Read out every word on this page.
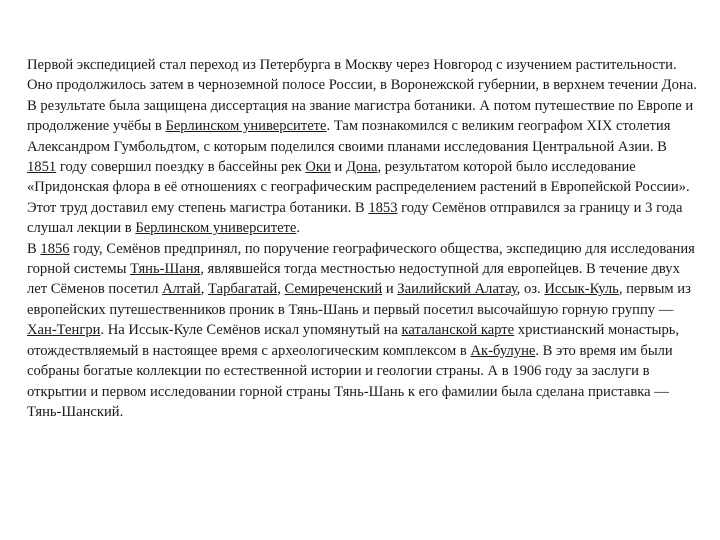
Первой экспедицией стал переход из Петербурга в Москву через Новгород с изучением растительности. Оно продолжилось затем в черноземной полосе России, в Воронежской губернии, в верхнем течении Дона. В результате была защищена диссертация на звание магистра ботаники. А потом путешествие по Европе и продолжение учёбы в Берлинском университете. Там познакомился с великим географом XIX столетия Александром Гумбольдтом, с которым поделился своими планами исследования Центральной Азии. В 1851 году совершил поездку в бассейны рек Оки и Дона, результатом которой было исследование «Придонская флора в её отношениях с географическим распределением растений в Европейской России». Этот труд доставил ему степень магистра ботаники. В 1853 году Семёнов отправился за границу и 3 года слушал лекции в Берлинском университете.

В 1856 году, Семёнов предпринял, по поручение географического общества, экспедицию для исследования горной системы Тянь-Шаня, являвшейся тогда местностью недоступной для европейцев. В течение двух лет Сёменов посетил Алтай, Тарбагатай, Семиреченский и Заилийский Алатау, оз. Иссык-Куль, первым из европейских путешественников проник в Тянь-Шань и первый посетил высочайшую горную группу — Хан-Тенгри. На Иссык-Куле Семёнов искал упомянутый на каталанской карте христианский монастырь, отождествляемый в настоящее время с археологическим комплексом в Ак-булуне. В это время им были собраны богатые коллекции по естественной истории и геологии страны. А в 1906 году за заслуги в открытии и первом исследовании горной страны Тянь-Шань к его фамилии была сделана приставка — Тянь-Шанский.
